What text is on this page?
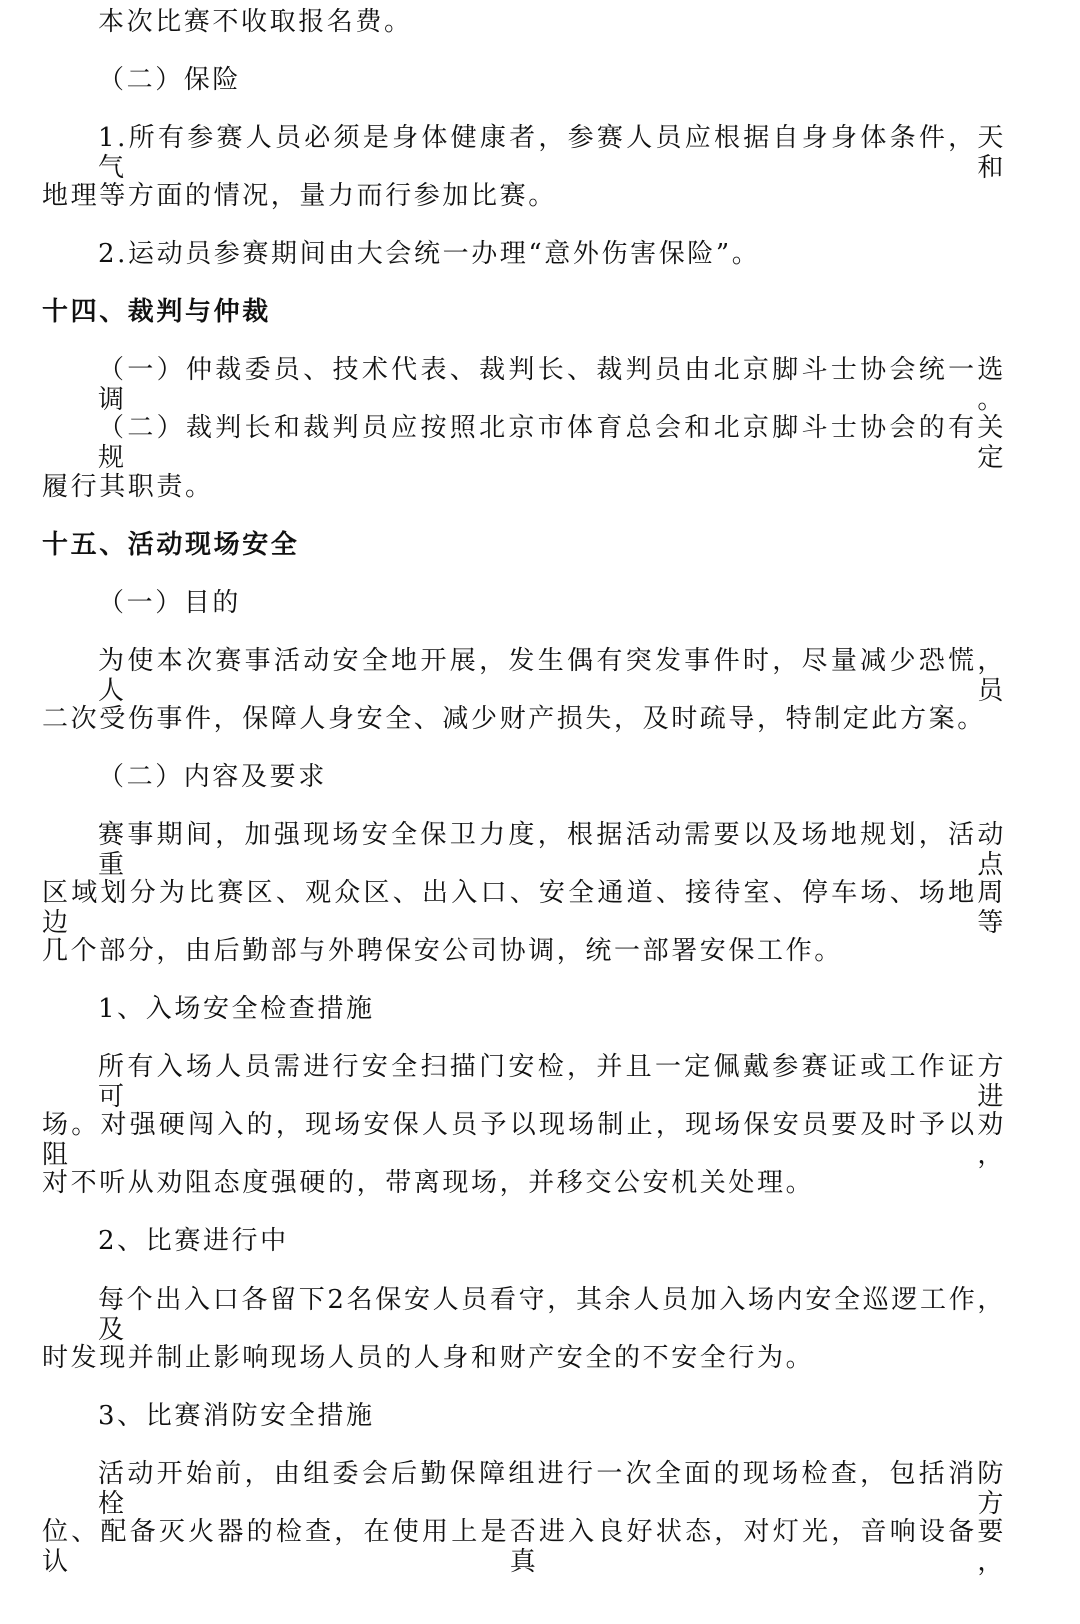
本次比赛不收取报名费。
（二）保险
1.所有参赛人员必须是身体健康者，参赛人员应根据自身身体条件，天气和
地理等方面的情况，量力而行参加比赛。
2.运动员参赛期间由大会统一办理“意外伤害保险”。
十四、裁判与仲裁
（一）仲裁委员、技术代表、裁判长、裁判员由北京脚斗士协会统一选调。
（二）裁判长和裁判员应按照北京市体育总会和北京脚斗士协会的有关规定
履行其职责。
十五、活动现场安全
（一）目的
为使本次赛事活动安全地开展，发生偶有突发事件时，尽量减少恐慌，人员
二次受伤事件，保障人身安全、减少财产损失，及时疏导，特制定此方案。
（二）内容及要求
赛事期间，加强现场安全保卫力度，根据活动需要以及场地规划，活动重点
区域划分为比赛区、观众区、出入口、安全通道、接待室、停车场、场地周边等
几个部分，由后勤部与外聘保安公司协调，统一部署安保工作。
1、入场安全检查措施
所有入场人员需进行安全扫描门安检，并且一定佩戴参赛证或工作证方可进
场。对强硬闯入的，现场安保人员予以现场制止，现场保安员要及时予以劝阻，
对不听从劝阻态度强硬的，带离现场，并移交公安机关处理。
2、比赛进行中
每个出入口各留下2名保安人员看守，其余人员加入场内安全巡逻工作，及
时发现并制止影响现场人员的人身和财产安全的不安全行为。
3、比赛消防安全措施
活动开始前，由组委会后勤保障组进行一次全面的现场检查，包括消防栓方
位、配备灭火器的检查，在使用上是否进入良好状态，对灯光，音响设备要认真，
